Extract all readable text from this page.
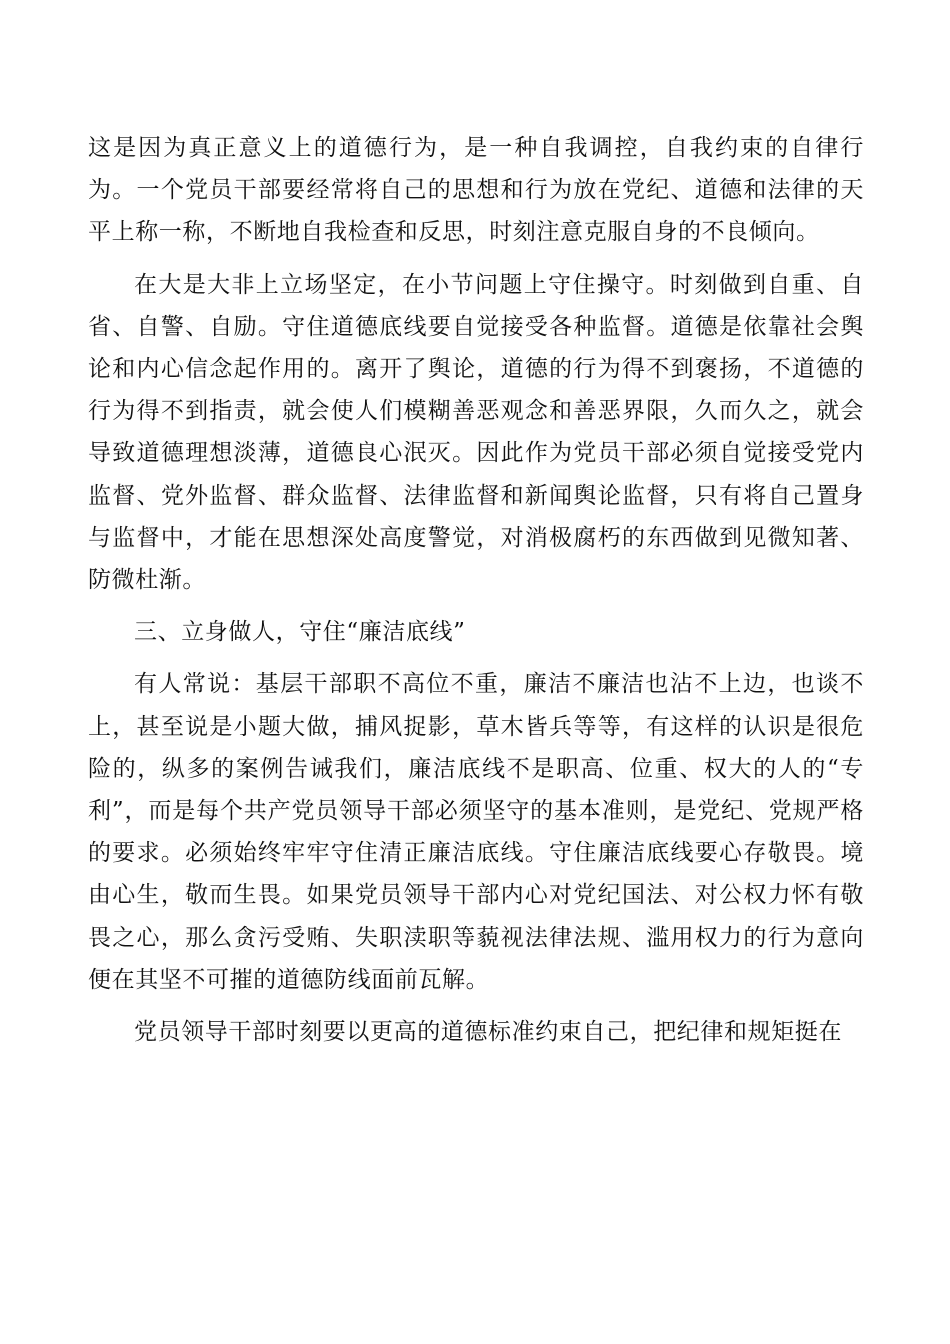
这是因为真正意义上的道德行为，是一种自我调控，自我约束的自律行为。一个党员干部要经常将自己的思想和行为放在党纪、道德和法律的天平上称一称，不断地自我检查和反思，时刻注意克服自身的不良倾向。

在大是大非上立场坚定，在小节问题上守住操守。时刻做到自重、自省、自警、自励。守住道德底线要自觉接受各种监督。道德是依靠社会舆论和内心信念起作用的。离开了舆论，道德的行为得不到褒扬，不道德的行为得不到指责，就会使人们模糊善恶观念和善恶界限，久而久之，就会导致道德理想淡薄，道德良心泯灭。因此作为党员干部必须自觉接受党内监督、党外监督、群众监督、法律监督和新闻舆论监督，只有将自己置身与监督中，才能在思想深处高度警觉，对消极腐朽的东西做到见微知著、防微杜渐。

三、立身做人，守住“廉洁底线”

有人常说：基层干部职不高位不重，廉洁不廉洁也沾不上边，也谈不上，甚至说是小题大做，捕风捉影，草木皆兵等等，有这样的认识是很危险的，纵多的案例告诫我们，廉洁底线不是职高、位重、权大的人的“专利”，而是每个共产党员领导干部必须坚守的基本准则，是党纪、党规严格的要求。必须始终牢牢守住清正廉洁底线。守住廉洁底线要心存敬畏。境由心生，敬而生畏。如果党员领导干部内心对党纪国法、对公权力怀有敬畏之心，那么贪污受贿、失职渎职等藐视法律法规、滥用权力的行为意向便在其坚不可摧的道德防线面前瓦解。

党员领导干部时刻要以更高的道德标准约束自己，把纪律和规矩挺在
